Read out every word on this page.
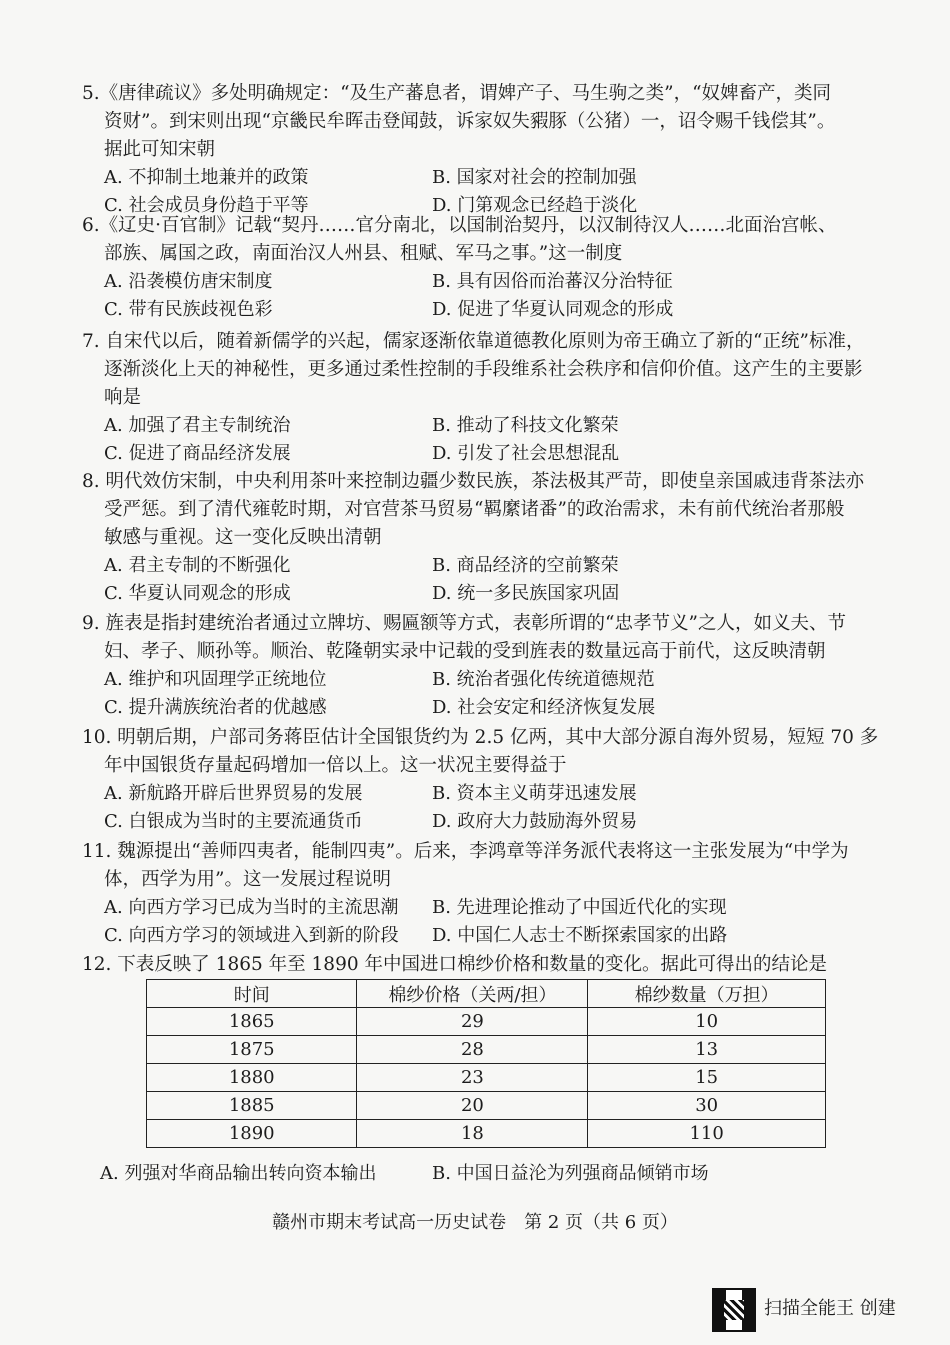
5.《唐律疏议》多处明确规定：“及生产蕃息者，谓婢产子、马生驹之类”，“奴婢畜产，类同
资财”。到宋则出现“京畿民牟晖击登闻鼓，诉家奴失豭豚（公猪）一，诏令赐千钱偿其”。
据此可知宋朝
A. 不抑制土地兼并的政策	B. 国家对社会的控制加强
C. 社会成员身份趋于平等	D. 门第观念已经趋于淡化
6.《辽史·百官制》记载“契丹……官分南北，以国制治契丹，以汉制待汉人……北面治宫帐、
部族、属国之政，南面治汉人州县、租赋、军马之事。”这一制度
A. 沿袭模仿唐宋制度	B. 具有因俗而治蕃汉分治特征
C. 带有民族歧视色彩	D. 促进了华夏认同观念的形成
7. 自宋代以后，随着新儒学的兴起，儒家逐渐依靠道德教化原则为帝王确立了新的“正统”标准，
逐渐淡化上天的神秘性，更多通过柔性控制的手段维系社会秩序和信仰价值。这产生的主要影
响是
A. 加强了君主专制统治	B. 推动了科技文化繁荣
C. 促进了商品经济发展	D. 引发了社会思想混乱
8. 明代效仿宋制，中央利用茶叶来控制边疆少数民族，茶法极其严苛，即使皇亲国戚违背茶法亦
受严惩。到了清代雍乾时期，对官营茶马贸易“羁縻诸番”的政治需求，未有前代统治者那般
敏感与重视。这一变化反映出清朝
A. 君主专制的不断强化	B. 商品经济的空前繁荣
C. 华夏认同观念的形成	D. 统一多民族国家巩固
9. 旌表是指封建统治者通过立牌坊、赐匾额等方式，表彰所谓的“忠孝节义”之人，如义夫、节
妇、孝子、顺孙等。顺治、乾隆朝实录中记载的受到旌表的数量远高于前代，这反映清朝
A. 维护和巩固理学正统地位	B. 统治者强化传统道德规范
C. 提升满族统治者的优越感	D. 社会安定和经济恢复发展
10. 明朝后期，户部司务蒋臣估计全国银货约为 2.5 亿两，其中大部分源自海外贸易，短短 70 多
年中国银货存量起码增加一倍以上。这一状况主要得益于
A. 新航路开辟后世界贸易的发展	B. 资本主义萌芽迅速发展
C. 白银成为当时的主要流通货币	D. 政府大力鼓励海外贸易
11. 魏源提出“善师四夷者，能制四夷”。后来，李鸿章等洋务派代表将这一主张发展为“中学为
体，西学为用”。这一发展过程说明
A. 向西方学习已成为当时的主流思潮 B. 先进理论推动了中国近代化的实现
C. 向西方学习的领域进入到新的阶段 D. 中国仁人志士不断探索国家的出路
12. 下表反映了 1865 年至 1890 年中国进口棉纱价格和数量的变化。据此可得出的结论是
时间	棉纱价格（关两/担）	棉纱数量（万担）
1865	29	10
1875	28	13
1880	23	15
1885	20	30
1890	18	110
A. 列强对华商品输出转向资本输出	B. 中国日益沦为列强商品倾销市场
赣州市期末考试高一历史试卷　第 2 页（共 6 页）
扫描全能王 创建
